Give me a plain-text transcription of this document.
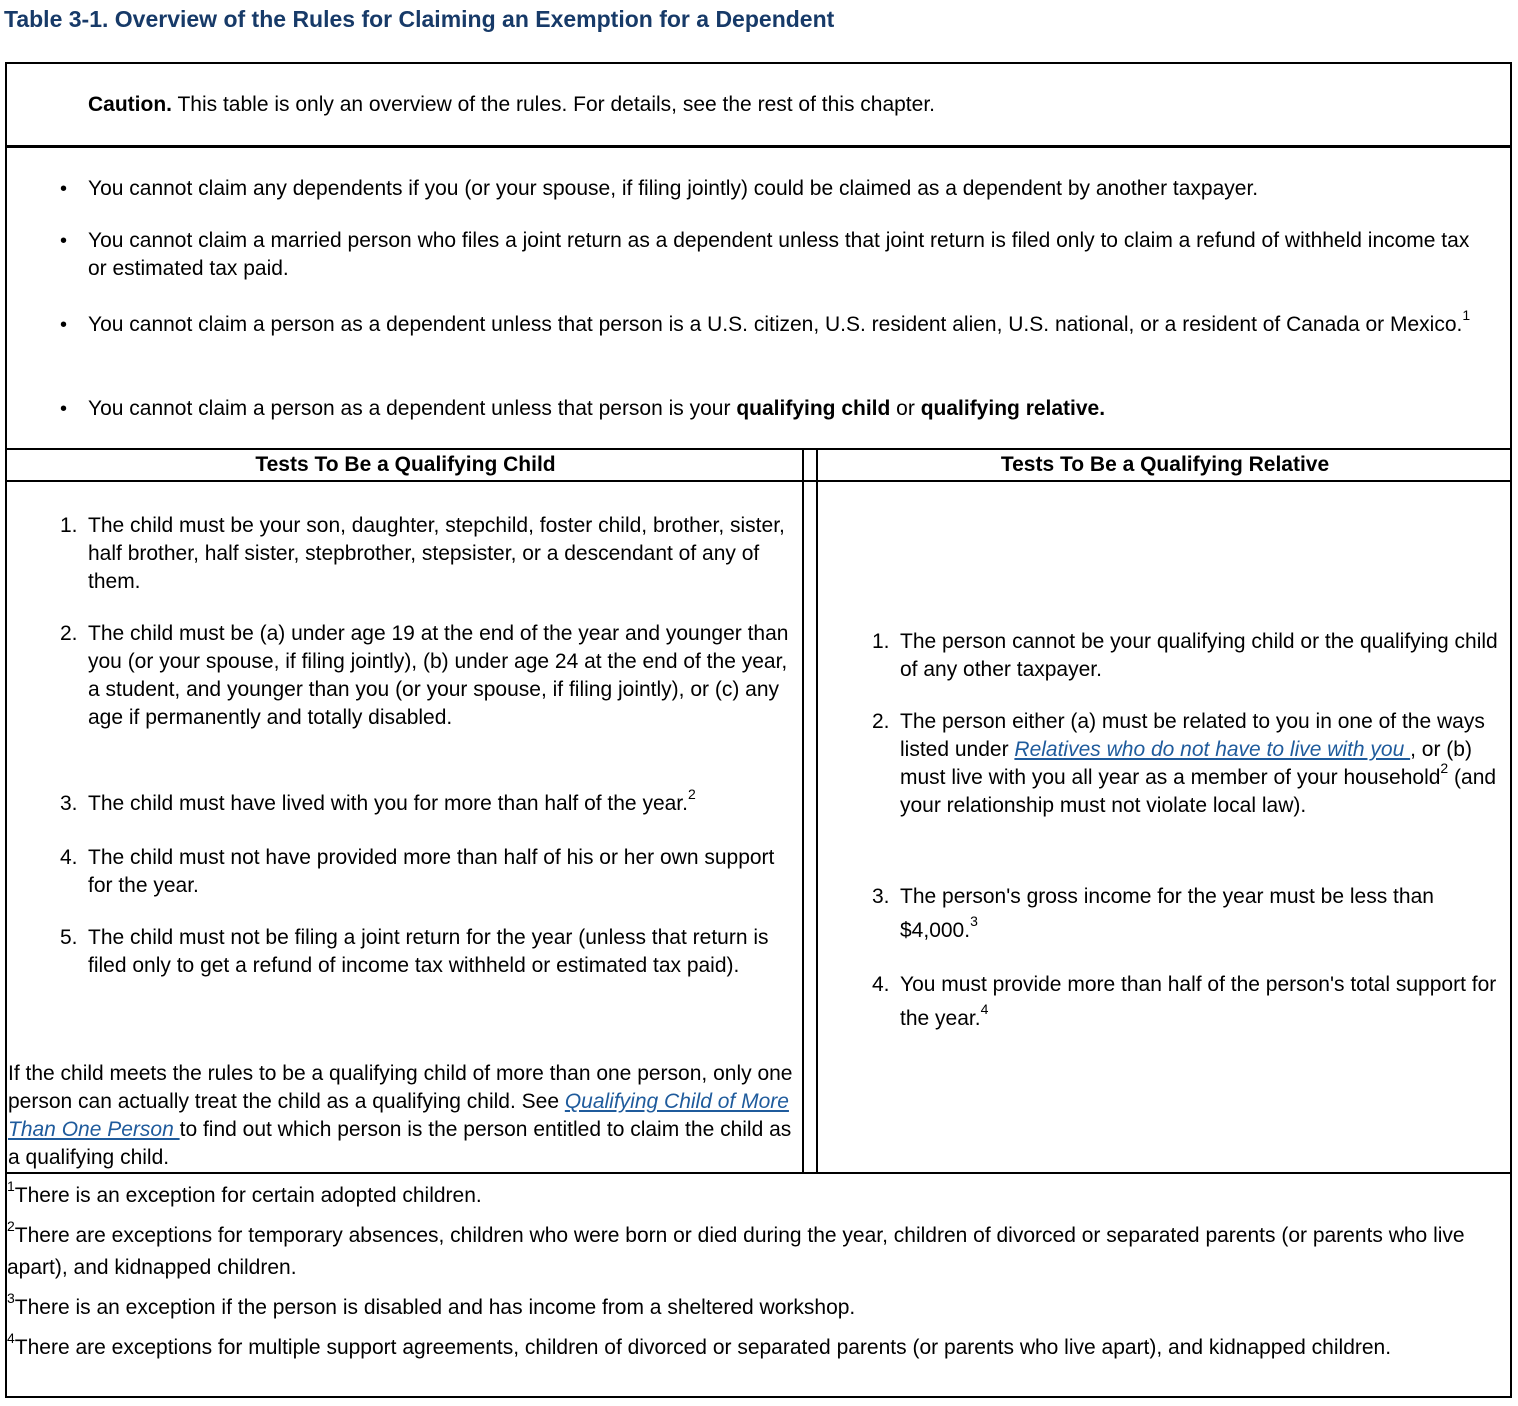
Table 3-1. Overview of the Rules for Claiming an Exemption for a Dependent
Caution. This table is only an overview of the rules. For details, see the rest of this chapter.
• You cannot claim any dependents if you (or your spouse, if filing jointly) could be claimed as a dependent by another taxpayer.
• You cannot claim a married person who files a joint return as a dependent unless that joint return is filed only to claim a refund of withheld income tax or estimated tax paid.
• You cannot claim a person as a dependent unless that person is a U.S. citizen, U.S. resident alien, U.S. national, or a resident of Canada or Mexico.$^1$
• You cannot claim a person as a dependent unless that person is your qualifying child or qualifying relative.
Tests To Be a Qualifying Child	Tests To Be a Qualifying Relative
1. The child must be your son, daughter, stepchild, foster child, brother, sister, half brother, half sister, stepbrother, stepsister, or a descendant of any of them.
2. The child must be (a) under age 19 at the end of the year and younger than you (or your spouse, if filing jointly), (b) under age 24 at the end of the year, a student, and younger than you (or your spouse, if filing jointly), or (c) any age if permanently and totally disabled.
3. The child must have lived with you for more than half of the year.$^2$
4. The child must not have provided more than half of his or her own support for the year.
5. The child must not be filing a joint return for the year (unless that return is filed only to get a refund of income tax withheld or estimated tax paid).
If the child meets the rules to be a qualifying child of more than one person, only one person can actually treat the child as a qualifying child. See Qualifying Child of More Than One Person to find out which person is the person entitled to claim the child as a qualifying child.
1. The person cannot be your qualifying child or the qualifying child of any other taxpayer.
2. The person either (a) must be related to you in one of the ways listed under Relatives who do not have to live with you , or (b) must live with you all year as a member of your household$^2$ (and your relationship must not violate local law).
3. The person's gross income for the year must be less than $4,000.$^3$
4. You must provide more than half of the person's total support for the year.$^4$
$^1$There is an exception for certain adopted children.
$^2$There are exceptions for temporary absences, children who were born or died during the year, children of divorced or separated parents (or parents who live apart), and kidnapped children.
$^3$There is an exception if the person is disabled and has income from a sheltered workshop.
$^4$There are exceptions for multiple support agreements, children of divorced or separated parents (or parents who live apart), and kidnapped children.
